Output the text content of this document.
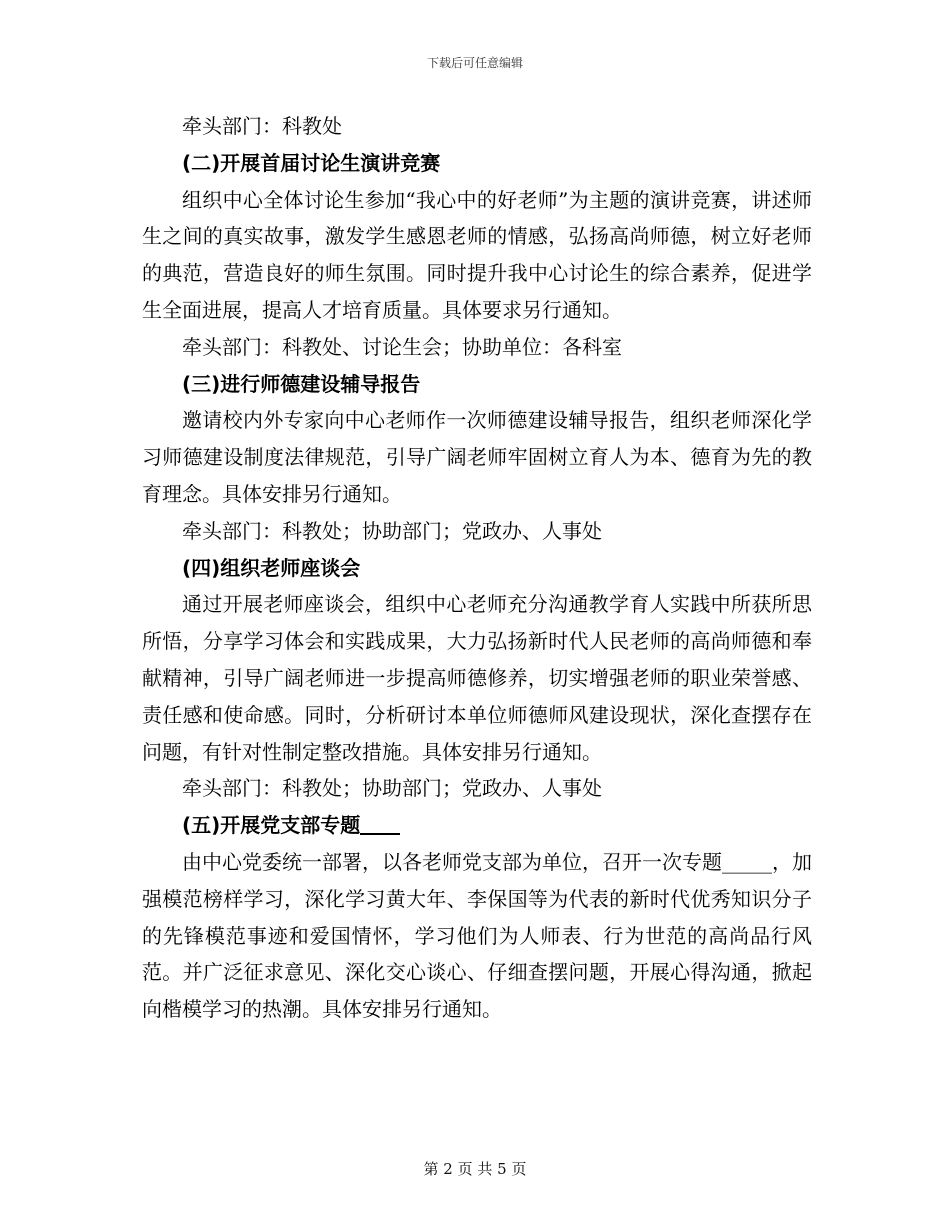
下载后可任意编辑

牵头部门：科教处

(二)开展首届讨论生演讲竞赛

组织中心全体讨论生参加“我心中的好老师”为主题的演讲竞赛，讲述师生之间的真实故事，激发学生感恩老师的情感，弘扬高尚师德，树立好老师的典范，营造良好的师生氛围。同时提升我中心讨论生的综合素养，促进学生全面进展，提高人才培育质量。具体要求另行通知。

牵头部门：科教处、讨论生会；协助单位：各科室

(三)进行师德建设辅导报告

邀请校内外专家向中心老师作一次师德建设辅导报告，组织老师深化学习师德建设制度法律规范，引导广阔老师牢固树立育人为本、德育为先的教育理念。具体安排另行通知。

牵头部门：科教处；协助部门；党政办、人事处

(四)组织老师座谈会

通过开展老师座谈会，组织中心老师充分沟通教学育人实践中所获所思所悟，分享学习体会和实践成果，大力弘扬新时代人民老师的高尚师德和奉献精神，引导广阔老师进一步提高师德修养，切实增强老师的职业荣誉感、责任感和使命感。同时，分析研讨本单位师德师风建设现状，深化查摆存在问题，有针对性制定整改措施。具体安排另行通知。

牵头部门：科教处；协助部门；党政办、人事处

(五)开展党支部专题

由中心党委统一部署，以各老师党支部为单位，召开一次专题_____，加强模范榜样学习，深化学习黄大年、李保国等为代表的新时代优秀知识分子的先锋模范事迹和爱国情怀，学习他们为人师表、行为世范的高尚品行风范。并广泛征求意见、深化交心谈心、仔细查摆问题，开展心得沟通，掀起向楷模学习的热潮。具体安排另行通知。

第 2 页 共 5 页
